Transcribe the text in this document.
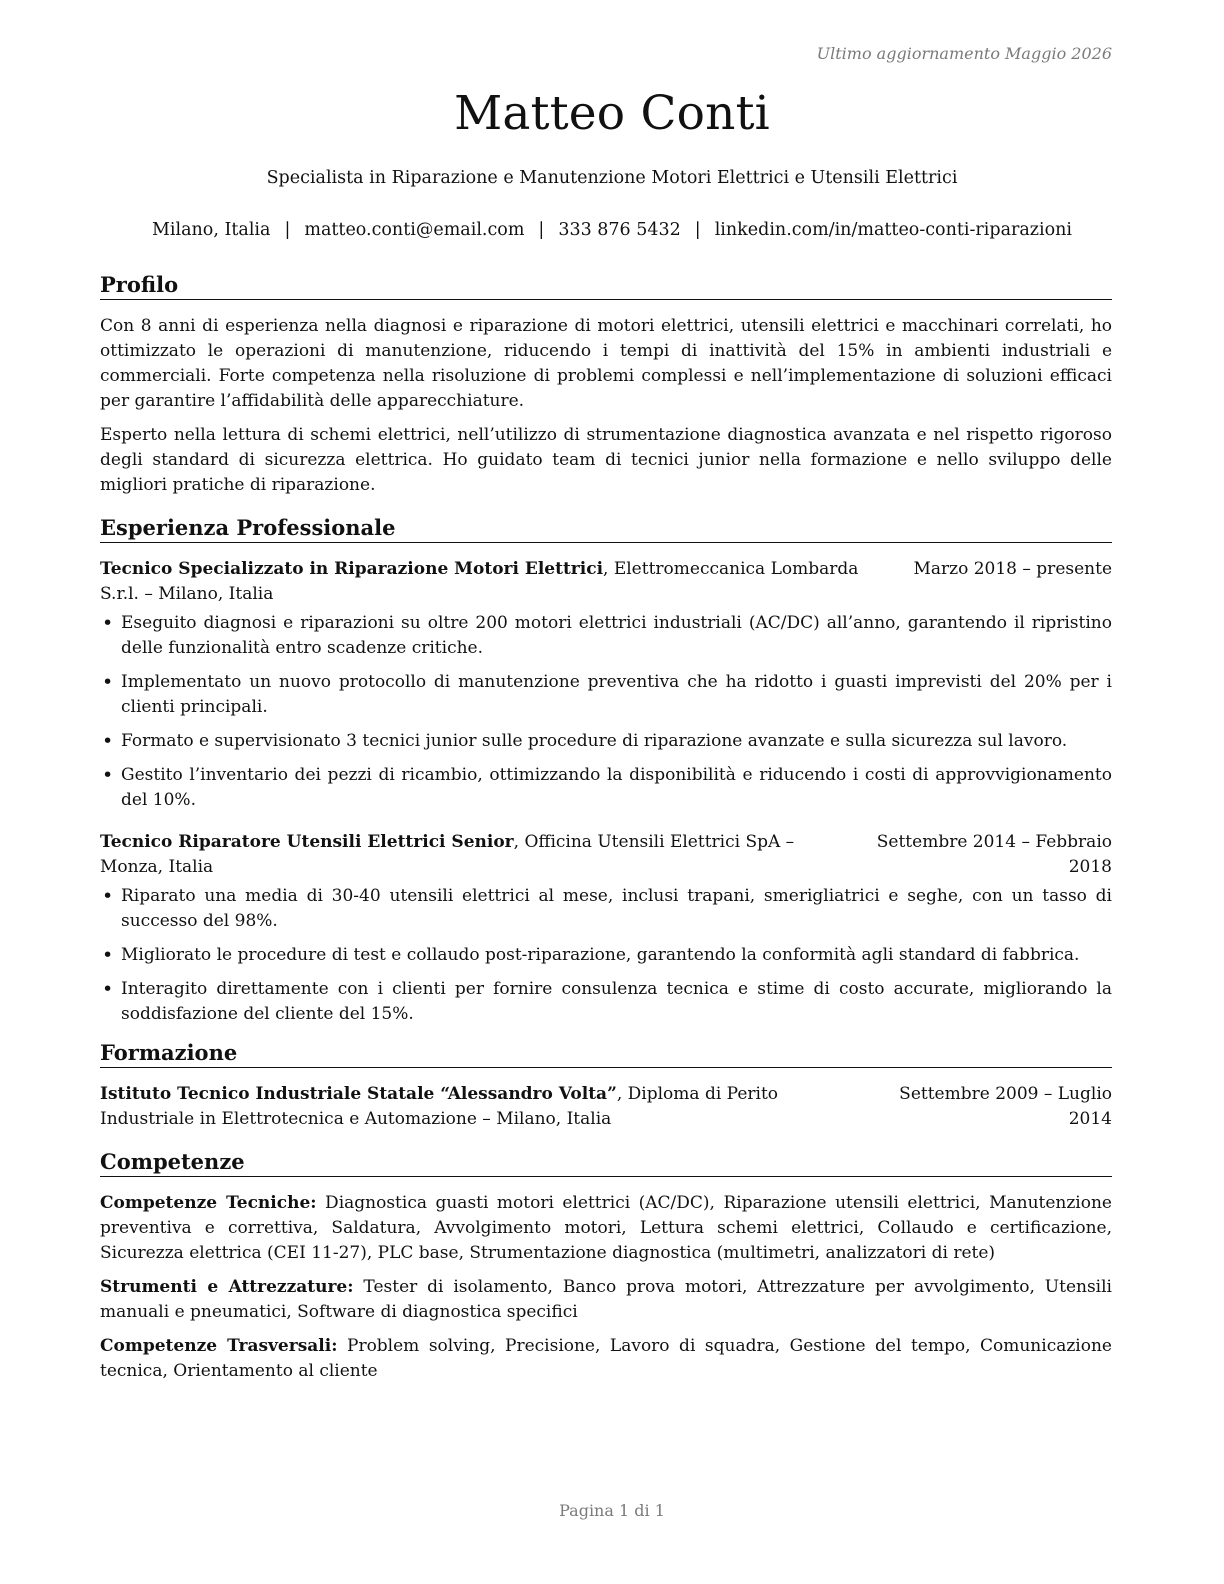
Ultimo aggiornamento Maggio 2026
Matteo Conti
Specialista in Riparazione e Manutenzione Motori Elettrici e Utensili Elettrici
Milano, Italia | matteo.conti@email.com | 333 876 5432 | linkedin.com/in/matteo-conti-riparazioni
Profilo

Con 8 anni di esperienza nella diagnosi e riparazione di motori elettrici, utensili elettrici e macchinari correlati, ho ottimizzato le operazioni di manutenzione, riducendo i tempi di inattività del 15% in ambienti industriali e commerciali. Forte competenza nella risoluzione di problemi complessi e nell’implementazione di soluzioni efficaci per garantire l’affidabilità delle apparecchiature.

Esperto nella lettura di schemi elettrici, nell’utilizzo di strumentazione diagnostica avanzata e nel rispetto rigoroso degli standard di sicurezza elettrica. Ho guidato team di tecnici junior nella formazione e nello sviluppo delle migliori pratiche di riparazione.

Esperienza Professionale
Tecnico Specializzato in Riparazione Motori Elettrici, Elettromeccanica Lombarda S.r.l. – Milano, Italia
Marzo 2018 – presente
• Eseguito diagnosi e riparazioni su oltre 200 motori elettrici industriali (AC/DC) all’anno, garantendo il ripristino delle funzionalità entro scadenze critiche.
• Implementato un nuovo protocollo di manutenzione preventiva che ha ridotto i guasti imprevisti del 20% per i clienti principali.
• Formato e supervisionato 3 tecnici junior sulle procedure di riparazione avanzate e sulla sicurezza sul lavoro.
• Gestito l’inventario dei pezzi di ricambio, ottimizzando la disponibilità e riducendo i costi di approvvigionamento del 10%.
Tecnico Riparatore Utensili Elettrici Senior, Officina Utensili Elettrici SpA – Monza, Italia
Settembre 2014 – Febbraio 2018
• Riparato una media di 30-40 utensili elettrici al mese, inclusi trapani, smerigliatrici e seghe, con un tasso di successo del 98%.
• Migliorato le procedure di test e collaudo post-riparazione, garantendo la conformità agli standard di fabbrica.
• Interagito direttamente con i clienti per fornire consulenza tecnica e stime di costo accurate, migliorando la soddisfazione del cliente del 15%.
Formazione
Istituto Tecnico Industriale Statale “Alessandro Volta”, Diploma di Perito Industriale in Elettrotecnica e Automazione – Milano, Italia
Settembre 2009 – Luglio 2014
Competenze
Competenze Tecniche: Diagnostica guasti motori elettrici (AC/DC), Riparazione utensili elettrici, Manutenzione preventiva e correttiva, Saldatura, Avvolgimento motori, Lettura schemi elettrici, Collaudo e certificazione, Sicurezza elettrica (CEI 11-27), PLC base, Strumentazione diagnostica (multimetri, analizzatori di rete)
Strumenti e Attrezzature: Tester di isolamento, Banco prova motori, Attrezzature per avvolgimento, Utensili manuali e pneumatici, Software di diagnostica specifici
Competenze Trasversali: Problem solving, Precisione, Lavoro di squadra, Gestione del tempo, Comunicazione tecnica, Orientamento al cliente
Pagina 1 di 1
